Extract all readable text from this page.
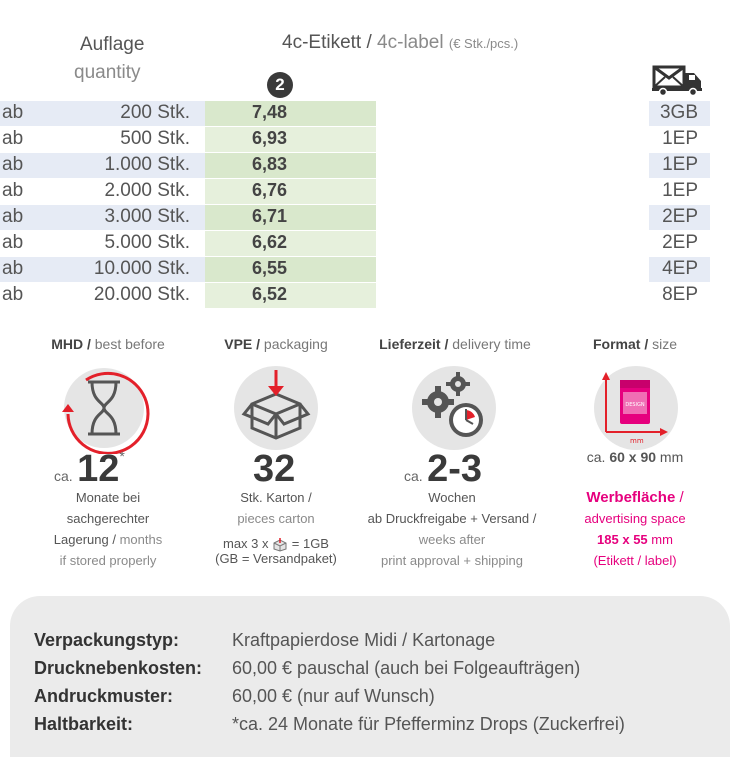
Auflage
quantity
4c-Etikett / 4c-label (€ Stk./pcs.)
2
ab	200 Stk.	7,48	3GB
ab	500 Stk.	6,93	1EP
ab	1.000 Stk.	6,83	1EP
ab	2.000 Stk.	6,76	1EP
ab	3.000 Stk.	6,71	2EP
ab	5.000 Stk.	6,62	2EP
ab	10.000 Stk.	6,55	4EP
ab	20.000 Stk.	6,52	8EP
MHD / best before
ca. 12*
Monate bei
sachgerechter
Lagerung / months
if stored properly
VPE / packaging
32
Stk. Karton /
pieces carton
max 3 x = 1GB
(GB = Versandpaket)
Lieferzeit / delivery time
ca. 2-3
Wochen
ab Druckfreigabe + Versand /
weeks after
print approval + shipping
Format / size
DESIGN
mm
ca. 60 x 90 mm
Werbefläche /
advertising space
185 x 55 mm
(Etikett / label)
Verpackungstyp:	Kraftpapierdose Midi / Kartonage
Drucknebenkosten: 60,00 € pauschal (auch bei Folgeaufträgen)
Andruckmuster:	60,00 € (nur auf Wunsch)
Haltbarkeit:	*ca. 24 Monate für Pfefferminz Drops (Zuckerfrei)
